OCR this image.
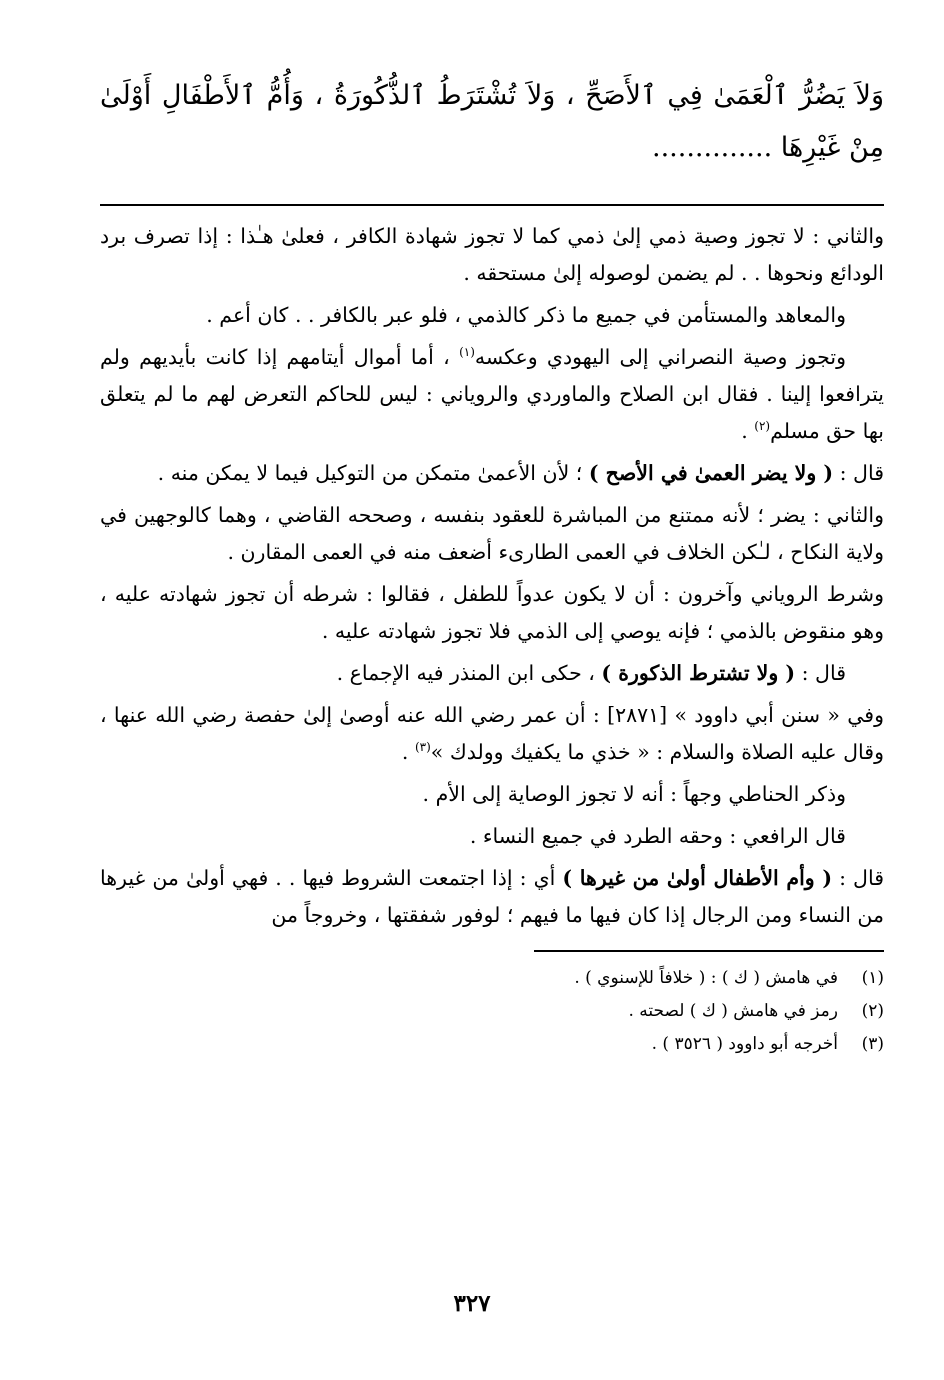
وَلاَ يَضُرُّ ٱلْعَمَىٰ فِي ٱلأَصَحِّ ، وَلاَ تُشْتَرَطُ ٱلذُّكُورَةُ ، وَأُمُّ ٱلأَطْفَالِ أَوْلَىٰ مِنْ غَيْرِهَا ..............

والثاني : لا تجوز وصية ذمي إلىٰ ذمي كما لا تجوز شهادة الكافر ، فعلىٰ هـٰذا : إذا تصرف برد الودائع ونحوها . . لم يضمن لوصوله إلىٰ مستحقه .

والمعاهد والمستأمن في جميع ما ذكر كالذمي ، فلو عبر بالكافر . . كان أعم .

وتجوز وصية النصراني إلى اليهودي وعكسه$^{(١)}$ ، أما أموال أيتامهم إذا كانت بأيديهم ولم يترافعوا إلينا . فقال ابن الصلاح والماوردي والروياني : ليس للحاكم التعرض لهم ما لم يتعلق بها حق مسلم$^{(٢)}$ .

قال : ( ولا يضر العمىٰ في الأصح ) ؛ لأن الأعمىٰ متمكن من التوكيل فيما لا يمكن منه .

والثاني : يضر ؛ لأنه ممتنع من المباشرة للعقود بنفسه ، وصححه القاضي ، وهما كالوجهين في ولاية النكاح ، لـٰكن الخلاف في العمى الطارىء أضعف منه في العمى المقارن .

وشرط الروياني وآخرون : أن لا يكون عدواً للطفل ، فقالوا : شرطه أن تجوز شهادته عليه ، وهو منقوض بالذمي ؛ فإنه يوصي إلى الذمي فلا تجوز شهادته عليه .

قال : ( ولا تشترط الذكورة ) ، حكى ابن المنذر فيه الإجماع .

وفي « سنن أبي داوود » [٢٨٧١] : أن عمر رضي الله عنه أوصىٰ إلىٰ حفصة رضي الله عنها ، وقال عليه الصلاة والسلام : « خذي ما يكفيك وولدك »$^{(٣)}$ .

وذكر الحناطي وجهاً : أنه لا تجوز الوصاية إلى الأم .

قال الرافعي : وحقه الطرد في جميع النساء .

قال : ( وأم الأطفال أولىٰ من غيرها ) أي : إذا اجتمعت الشروط فيها . . فهي أولىٰ من غيرها من النساء ومن الرجال إذا كان فيها ما فيهم ؛ لوفور شفقتها ، وخروجاً من

(١)
في هامش ( ك ) : ( خلافاً للإسنوي ) .
(٢)
رمز في هامش ( ك ) لصحته .
(٣)
أخرجه أبو داوود ( ٣٥٢٦ ) .
٣٢٧
